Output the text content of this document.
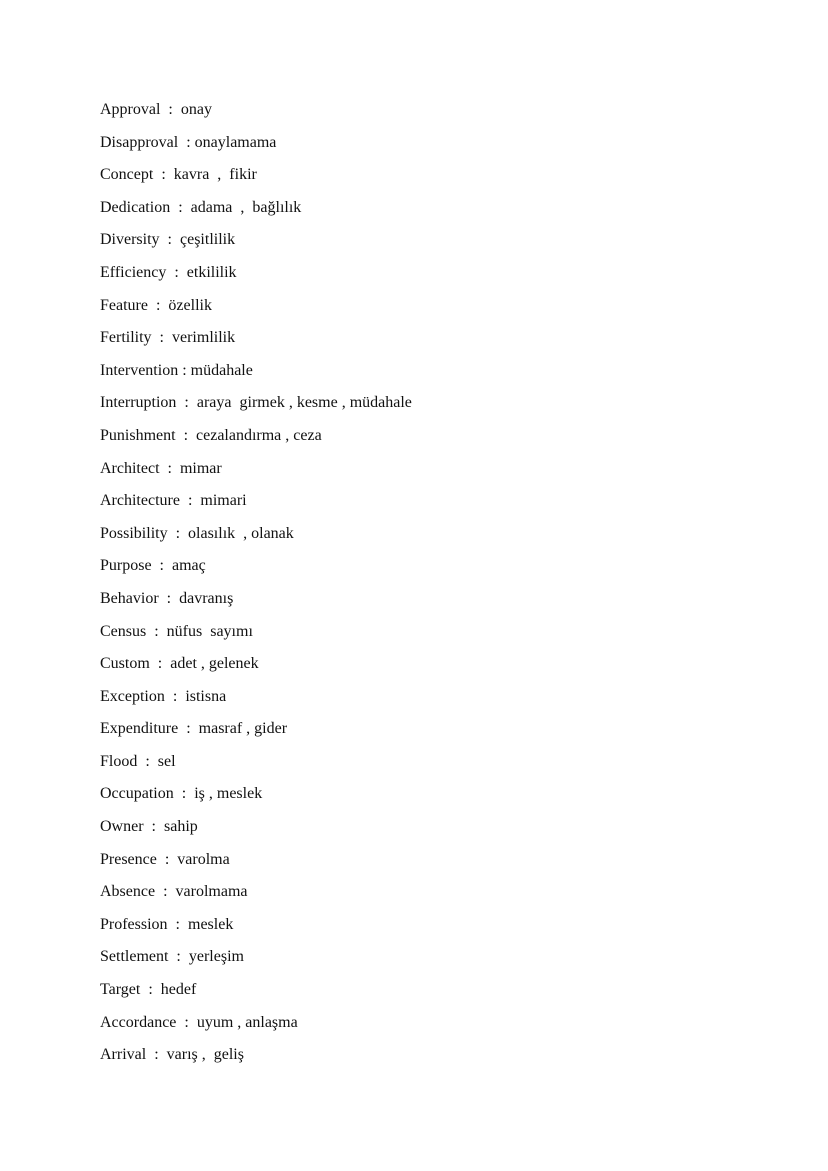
Approval  :  onay
Disapproval  : onaylamama
Concept  :  kavra  ,  fikir
Dedication  :  adama  ,  bağlılık
Diversity  :  çeşitlilik
Efficiency  :  etkililik
Feature  :  özellik
Fertility  :  verimlilik
Intervention : müdahale
Interruption  :  araya  girmek , kesme , müdahale
Punishment  :  cezalandırma , ceza
Architect  :  mimar
Architecture  :  mimari
Possibility  :  olasılık  , olanak
Purpose  :  amaç
Behavior  :  davranış
Census  :  nüfus  sayımı
Custom  :  adet , gelenek
Exception  :  istisna
Expenditure  :  masraf , gider
Flood  :  sel
Occupation  :  iş , meslek
Owner  :  sahip
Presence  :  varolma
Absence  :  varolmama
Profession  :  meslek
Settlement  :  yerleşim
Target  :  hedef
Accordance  :  uyum , anlaşma
Arrival  :  varış ,  geliş
